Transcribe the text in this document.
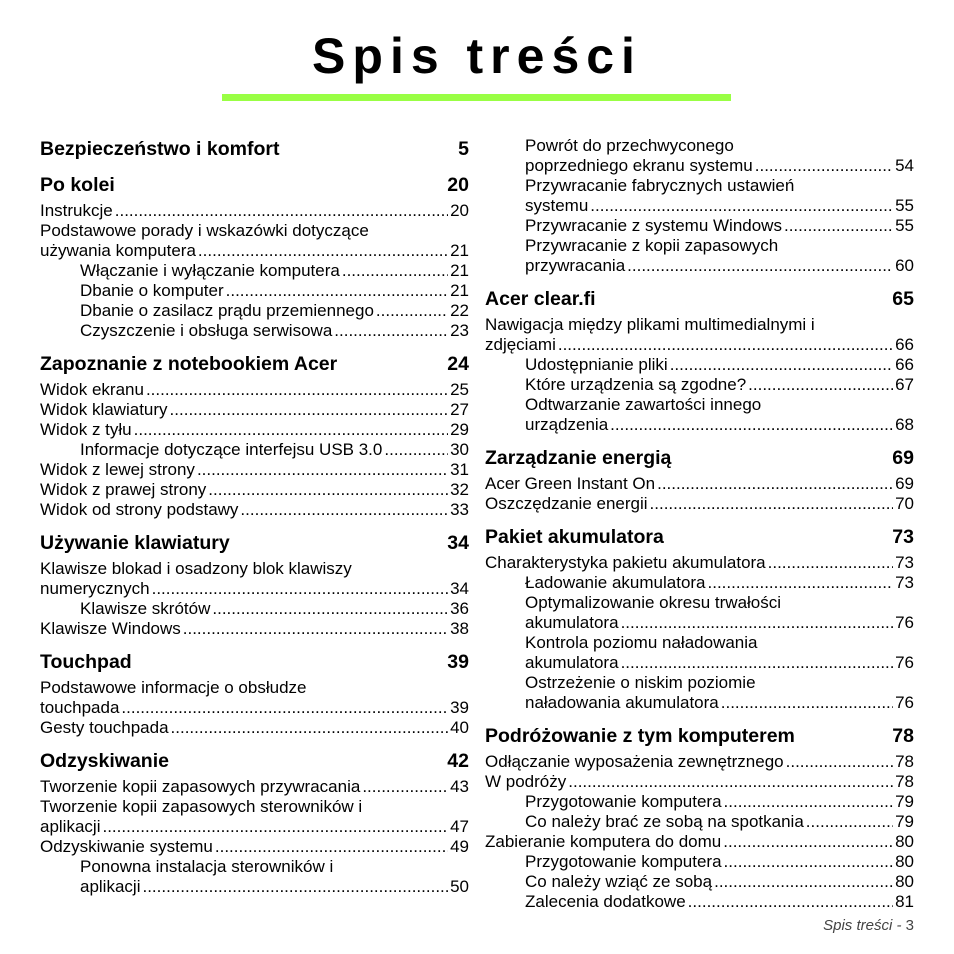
Spis treści
Bezpieczeństwo i komfort	5
Po kolei	20
Instrukcje .....	20
Podstawowe porady i wskazówki dotyczące
używania komputera .....	21
Włączanie i wyłączanie komputera .....	21
Dbanie o komputer .....	21
Dbanie o zasilacz prądu przemiennego .....	22
Czyszczenie i obsługa serwisowa .....	23
Zapoznanie z notebookiem Acer	24
Widok ekranu .....	25
Widok klawiatury .....	27
Widok z tyłu .....	29
Informacje dotyczące interfejsu USB 3.0 .....	30
Widok z lewej strony .....	31
Widok z prawej strony .....	32
Widok od strony podstawy .....	33
Używanie klawiatury	34
Klawisze blokad i osadzony blok klawiszy
numerycznych .....	34
Klawisze skrótów .....	36
Klawisze Windows .....	38
Touchpad	39
Podstawowe informacje o obsłudze
touchpada .....	39
Gesty touchpada .....	40
Odzyskiwanie	42
Tworzenie kopii zapasowych przywracania .....	43
Tworzenie kopii zapasowych sterowników i
aplikacji .....	47
Odzyskiwanie systemu .....	49
Ponowna instalacja sterowników i
aplikacji .....	50
Powrót do przechwyconego
poprzedniego ekranu systemu .....	54
Przywracanie fabrycznych ustawień
systemu .....	55
Przywracanie z systemu Windows .....	55
Przywracanie z kopii zapasowych
przywracania .....	60
Acer clear.fi	65
Nawigacja między plikami multimedialnymi i
zdjęciami .....	66
Udostępnianie pliki .....	66
Które urządzenia są zgodne? .....	67
Odtwarzanie zawartości innego
urządzenia .....	68
Zarządzanie energią	69
Acer Green Instant On .....	69
Oszczędzanie energii .....	70
Pakiet akumulatora	73
Charakterystyka pakietu akumulatora .....	73
Ładowanie akumulatora .....	73
Optymalizowanie okresu trwałości
akumulatora .....	76
Kontrola poziomu naładowania
akumulatora .....	76
Ostrzeżenie o niskim poziomie
naładowania akumulatora .....	76
Podróżowanie z tym komputerem	78
Odłączanie wyposażenia zewnętrznego .....	78
W podróży .....	78
Przygotowanie komputera .....	79
Co należy brać ze sobą na spotkania .....	79
Zabieranie komputera do domu .....	80
Przygotowanie komputera .....	80
Co należy wziąć ze sobą .....	80
Zalecenia dodatkowe .....	81
Spis treści - 3
